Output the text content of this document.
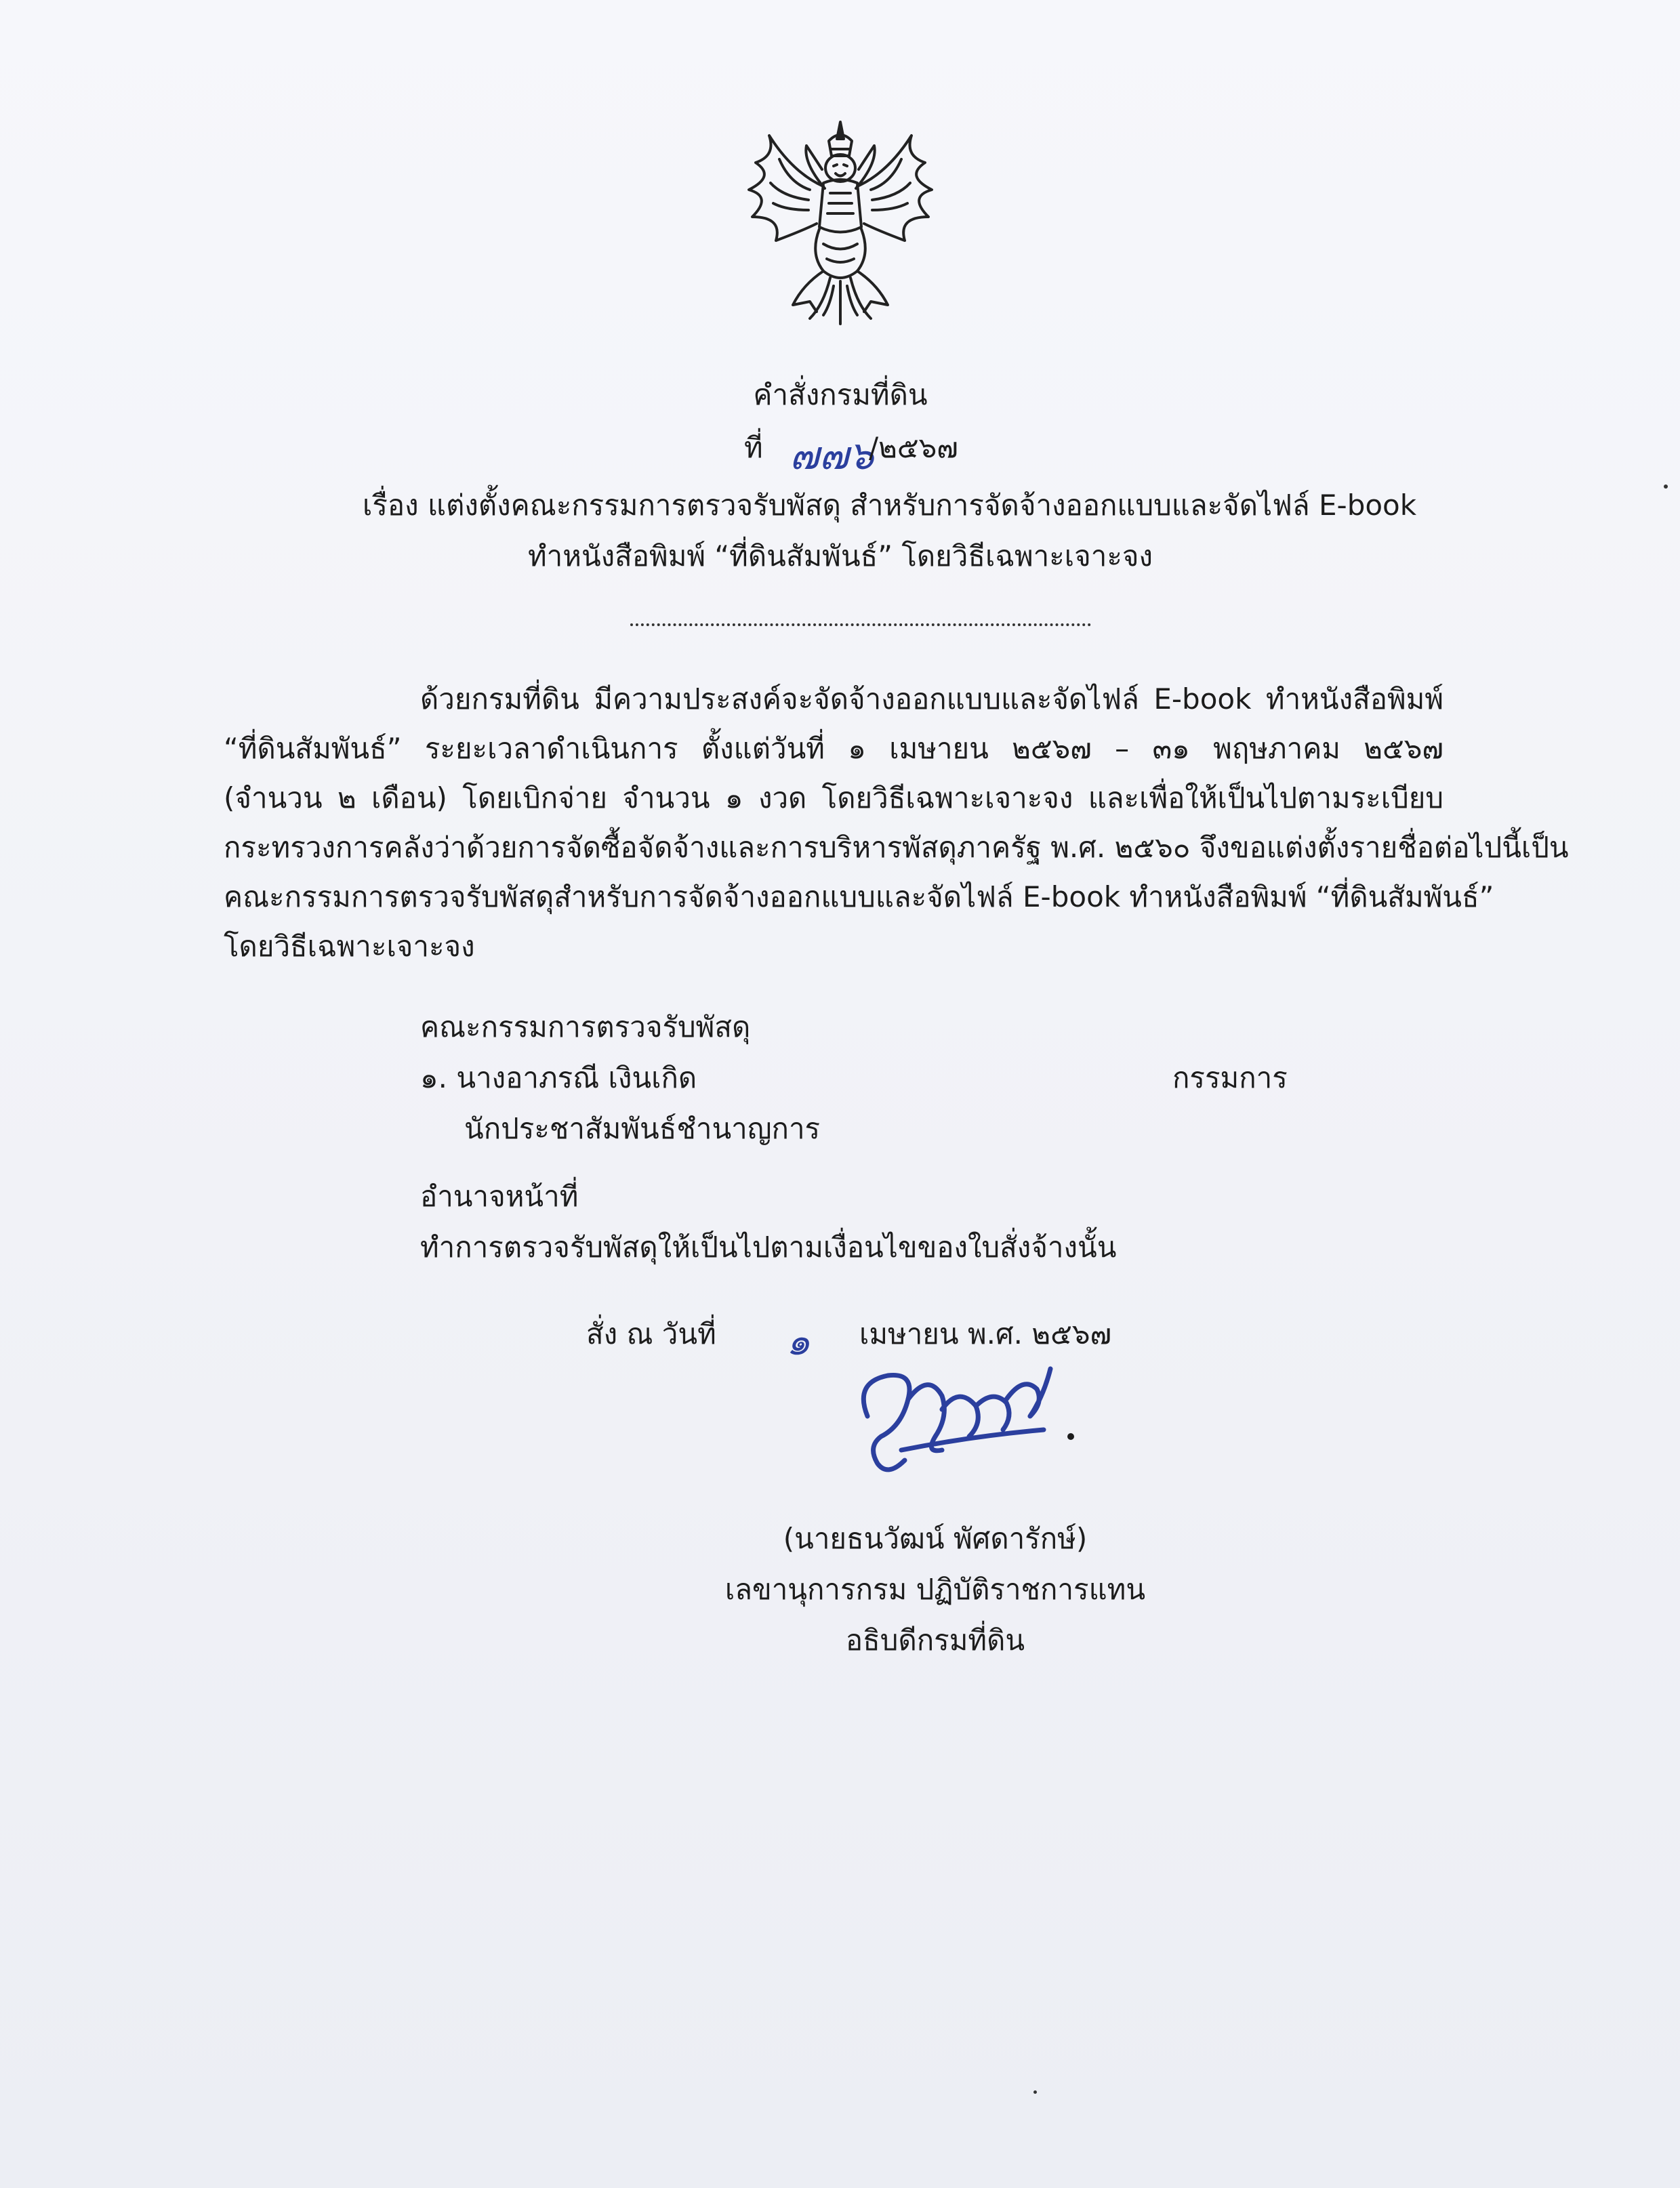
คำสั่งกรมที่ดิน
ที่ ๗๗๖
/๒๕๖๗
เรื่อง แต่งตั้งคณะกรรมการตรวจรับพัสดุ สำหรับการจัดจ้างออกแบบและจัดไฟล์ E-book
ทำหนังสือพิมพ์ “ที่ดินสัมพันธ์” โดยวิธีเฉพาะเจาะจง
ด้วยกรมที่ดิน มีความประสงค์จะจัดจ้างออกแบบและจัดไฟล์ E-book ทำหนังสือพิมพ์
“ที่ดินสัมพันธ์” ระยะเวลาดำเนินการ ตั้งแต่วันที่ ๑ เมษายน ๒๕๖๗ – ๓๑ พฤษภาคม ๒๕๖๗
(จำนวน ๒ เดือน) โดยเบิกจ่าย จำนวน ๑ งวด โดยวิธีเฉพาะเจาะจง และเพื่อให้เป็นไปตามระเบียบ
กระทรวงการคลังว่าด้วยการจัดซื้อจัดจ้างและการบริหารพัสดุภาครัฐ พ.ศ. ๒๕๖๐ จึงขอแต่งตั้งรายชื่อต่อไปนี้เป็น
คณะกรรมการตรวจรับพัสดุสำหรับการจัดจ้างออกแบบและจัดไฟล์ E-book ทำหนังสือพิมพ์ “ที่ดินสัมพันธ์”
โดยวิธีเฉพาะเจาะจง
คณะกรรมการตรวจรับพัสดุ
๑. นางอาภรณี เงินเกิด	กรรมการ
นักประชาสัมพันธ์ชำนาญการ
อำนาจหน้าที่
ทำการตรวจรับพัสดุให้เป็นไปตามเงื่อนไขของใบสั่งจ้างนั้น
สั่ง ณ วันที่ ๑ เมษายน พ.ศ. ๒๕๖๗
(นายธนวัฒน์ พัศดารักษ์)
เลขานุการกรม ปฏิบัติราชการแทน
อธิบดีกรมที่ดิน
